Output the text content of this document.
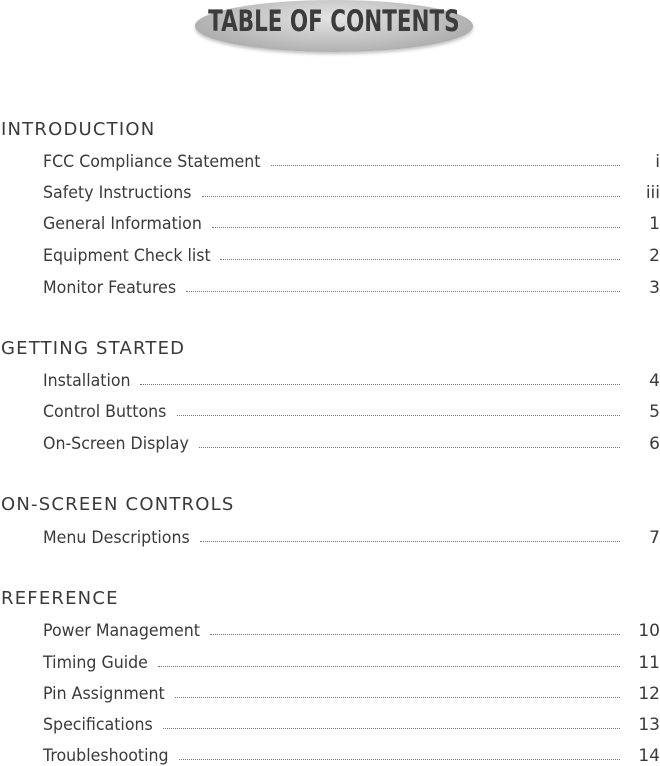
TABLE OF CONTENTS
INTRODUCTION
FCC Compliance Statement	i
Safety Instructions	iii
General Information	1
Equipment Check list	2
Monitor Features	3
GETTING STARTED
Installation	4
Control Buttons	5
On-Screen Display	6
ON-SCREEN CONTROLS
Menu Descriptions	7
REFERENCE
Power Management	10
Timing Guide	11
Pin Assignment	12
Specifications	13
Troubleshooting	14
